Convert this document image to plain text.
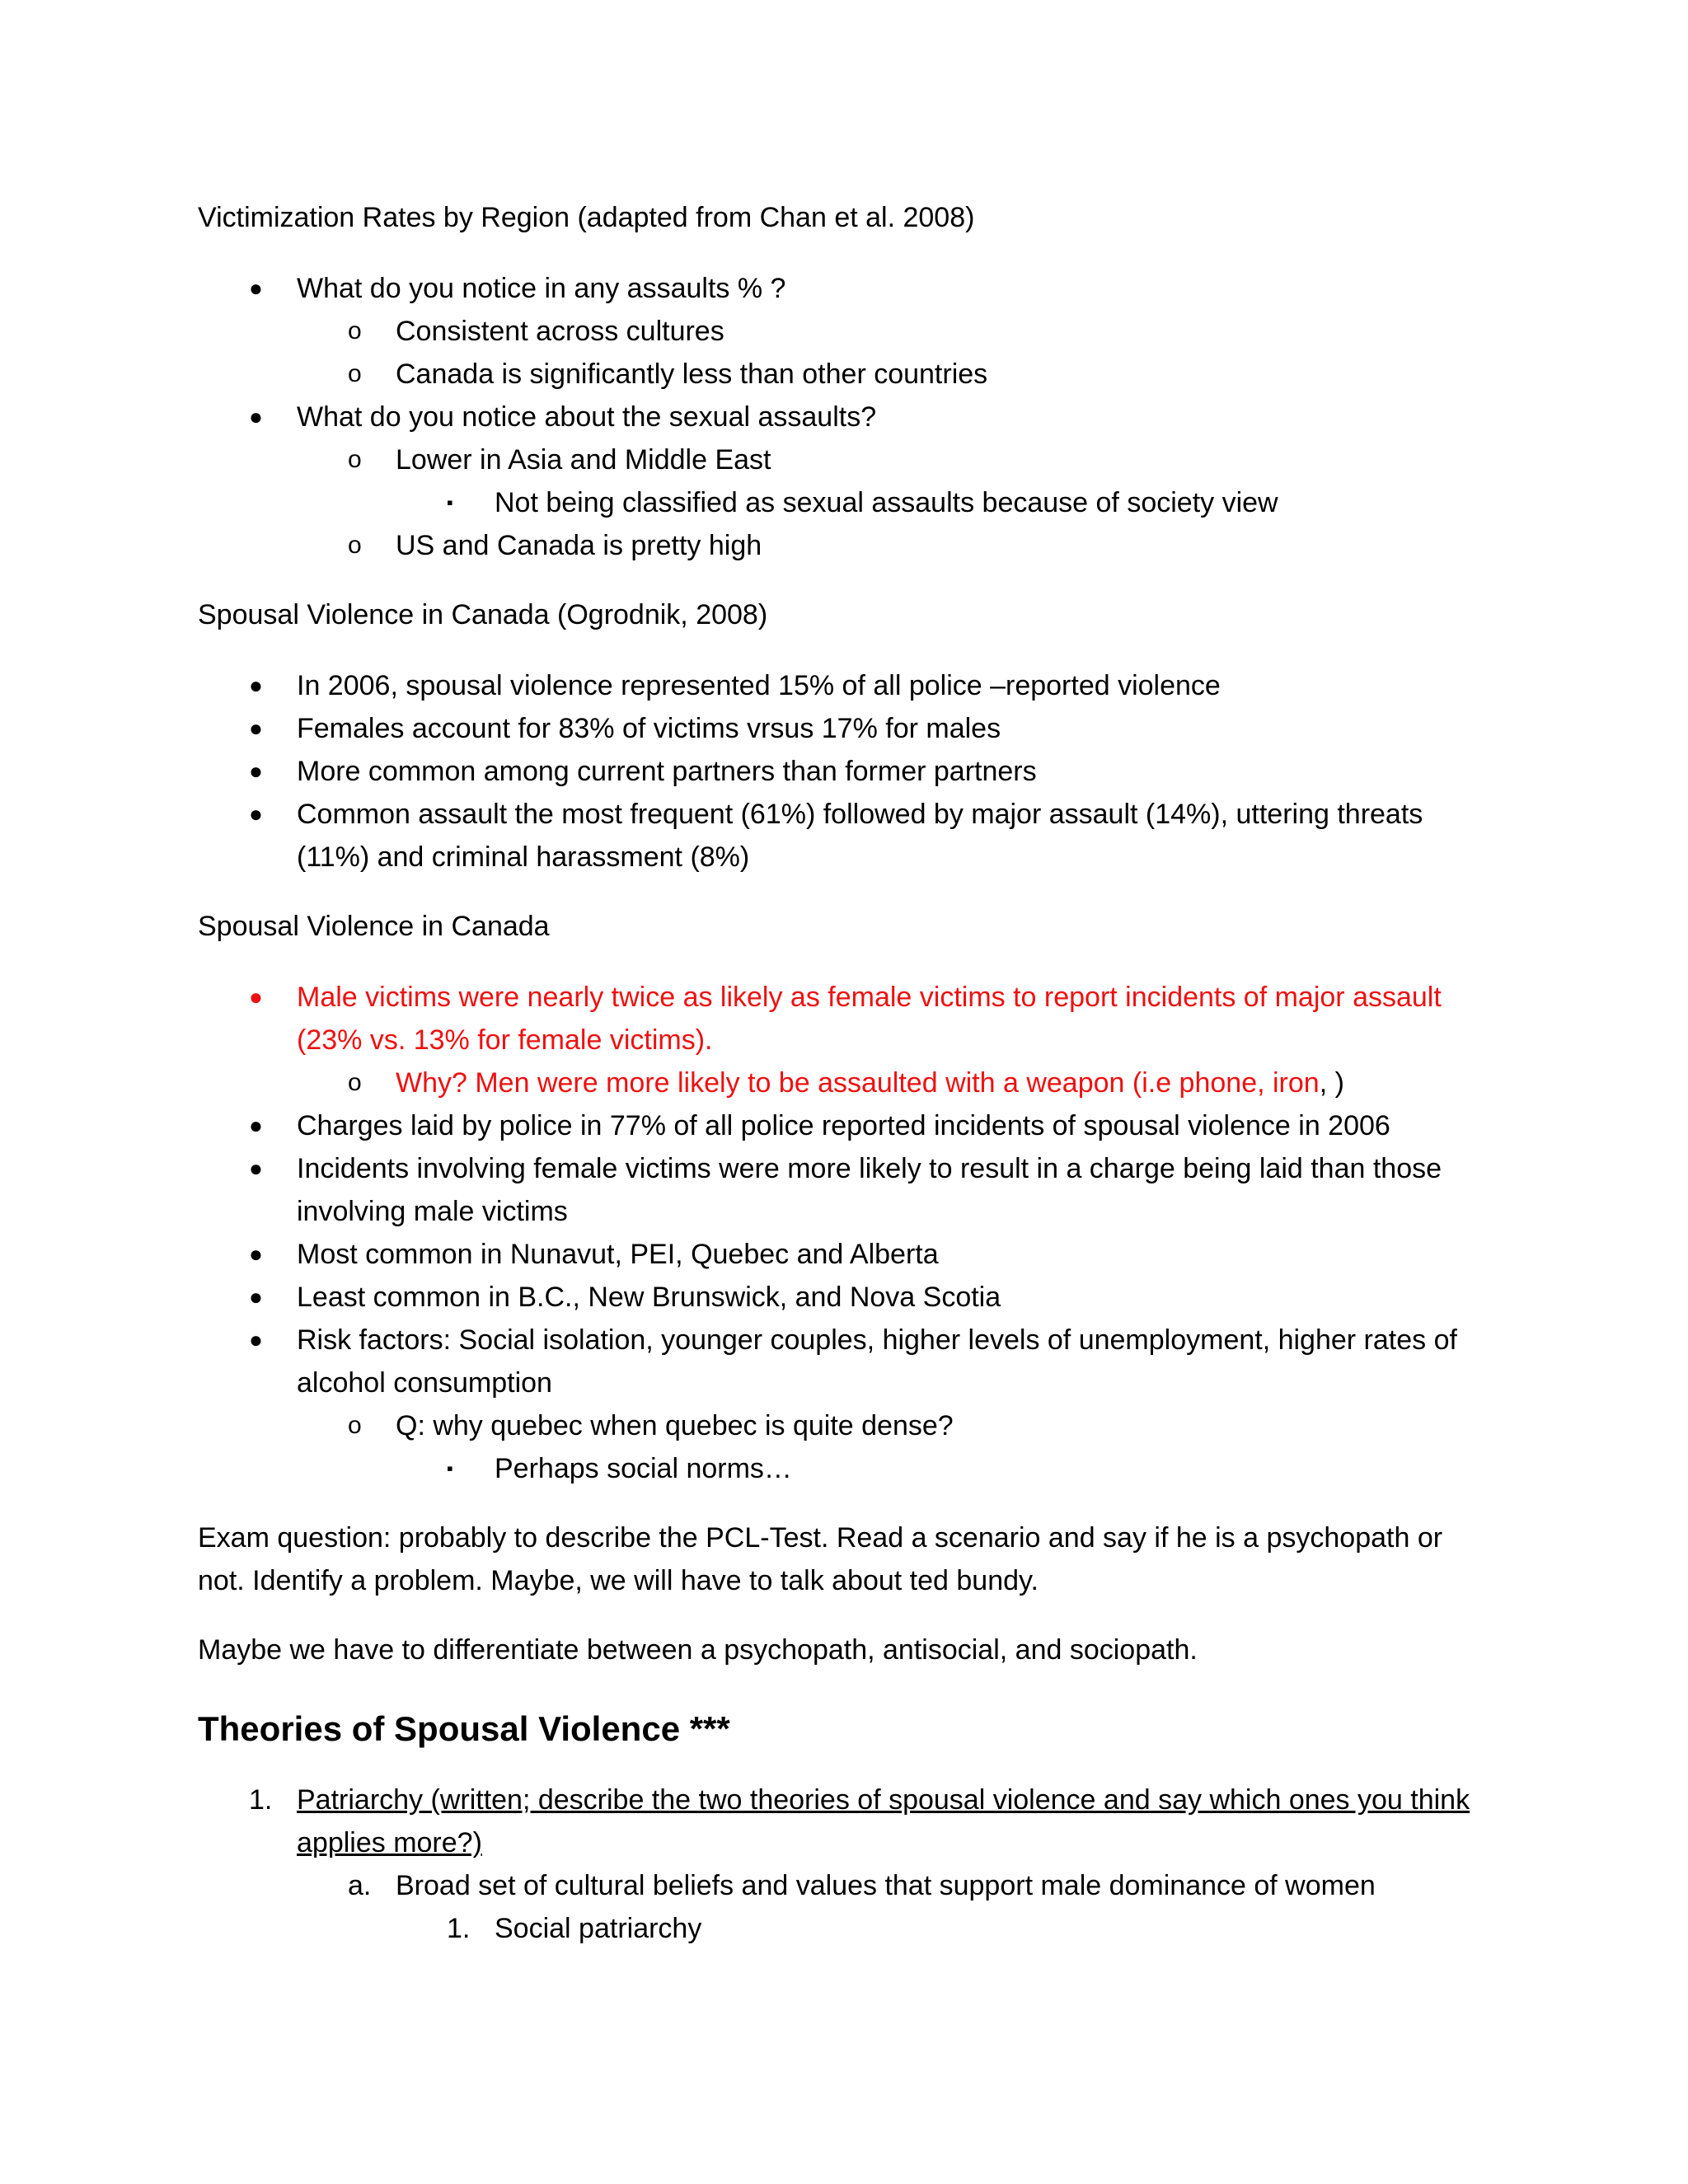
Victimization Rates by Region (adapted from Chan et al. 2008)

●	What do you notice in any assaults % ?
o	Consistent across cultures
o	Canada is significantly less than other countries
●	What do you notice about the sexual assaults?
o	Lower in Asia and Middle East
▪	Not being classified as sexual assaults because of society view
o	US and Canada is pretty high

Spousal Violence in Canada (Ogrodnik, 2008)

●	In 2006, spousal violence represented 15% of all police –reported violence
●	Females account for 83% of victims vrsus 17% for males
●	More common among current partners than former partners
●	Common assault the most frequent (61%) followed by major assault (14%), uttering threats (11%) and criminal harassment (8%)

Spousal Violence in Canada

●	Male victims were nearly twice as likely as female victims to report incidents of major assault (23% vs. 13% for female victims).
o	Why? Men were more likely to be assaulted with a weapon (i.e phone, iron, )
●	Charges laid by police in 77% of all police reported incidents of spousal violence in 2006
●	Incidents involving female victims were more likely to result in a charge being laid than those involving male victims
●	Most common in Nunavut, PEI, Quebec and Alberta
●	Least common in B.C., New Brunswick, and Nova Scotia
●	Risk factors: Social isolation, younger couples, higher levels of unemployment, higher rates of alcohol consumption
o	Q: why quebec when quebec is quite dense?
▪	Perhaps social norms…

Exam question: probably to describe the PCL-Test. Read a scenario and say if he is a psychopath or not. Identify a problem. Maybe, we will have to talk about ted bundy.

Maybe we have to differentiate between a psychopath, antisocial, and sociopath.

Theories of Spousal Violence ***

1. Patriarchy (written; describe the two theories of spousal violence and say which ones you think applies more?)
a. Broad set of cultural beliefs and values that support male dominance of women
1. Social patriarchy
